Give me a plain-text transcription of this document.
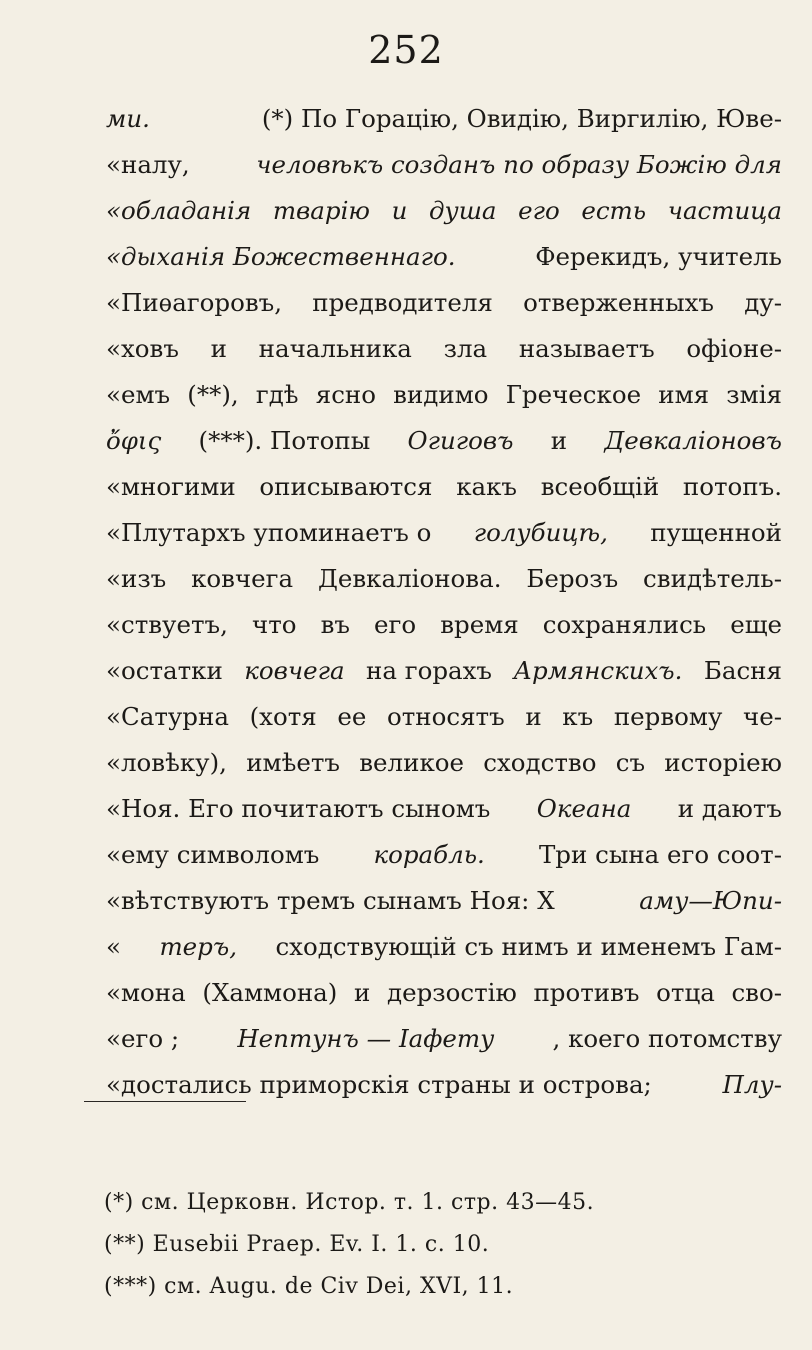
252
ми.	(*) По Горацію, Овидію, Виргилію, Юве-
«налу,	человѣкъ созданъ по образу Божію для
«обладанія тварію и душа его есть частица
«дыханія Божественнаго.	Ферекидъ, учитель
«Пиѳагоровъ, предводителя отверженныхъ ду-
«ховъ и начальника зла называетъ офіоне-
«емъ (**), гдѣ ясно видимо Греческое имя змія
ὄφις (***). Потопы Огиговъ и Девкаліоновъ
«многими описываются какъ всеобщій потопъ.
«Плутархъ упоминаетъ о голубицѣ, пущенной
«изъ ковчега Девкаліонова. Берозъ свидѣтель-
«ствуетъ, что въ его время сохранялись еще
«остатки ковчега на горахъ Армянскихъ. Басня
«Сатурна (хотя ее относятъ и къ первому че-
«ловѣку), имѣетъ великое сходство съ исторіею
«Ноя. Его почитаютъ сыномъ Океана и даютъ
«ему символомъ корабль. Три сына его соот-
«вѣтствуютъ тремъ сынамъ Ноя: Х	аму—Юпи-
« теръ, сходствующій съ нимъ и именемъ Гам-
«мона (Хаммона) и дерзостію противъ отца сво-
«его ; Нептунъ — Іафету , коего потомству
«достались приморскія страны и острова;	Плу-
(*) см. Церковн. Истор. т. 1. стр. 43—45.
(**) Eusebii Praep. Ev. I. 1. c. 10.
(***) см. Augu. de Civ Dei, XVI, 11.
